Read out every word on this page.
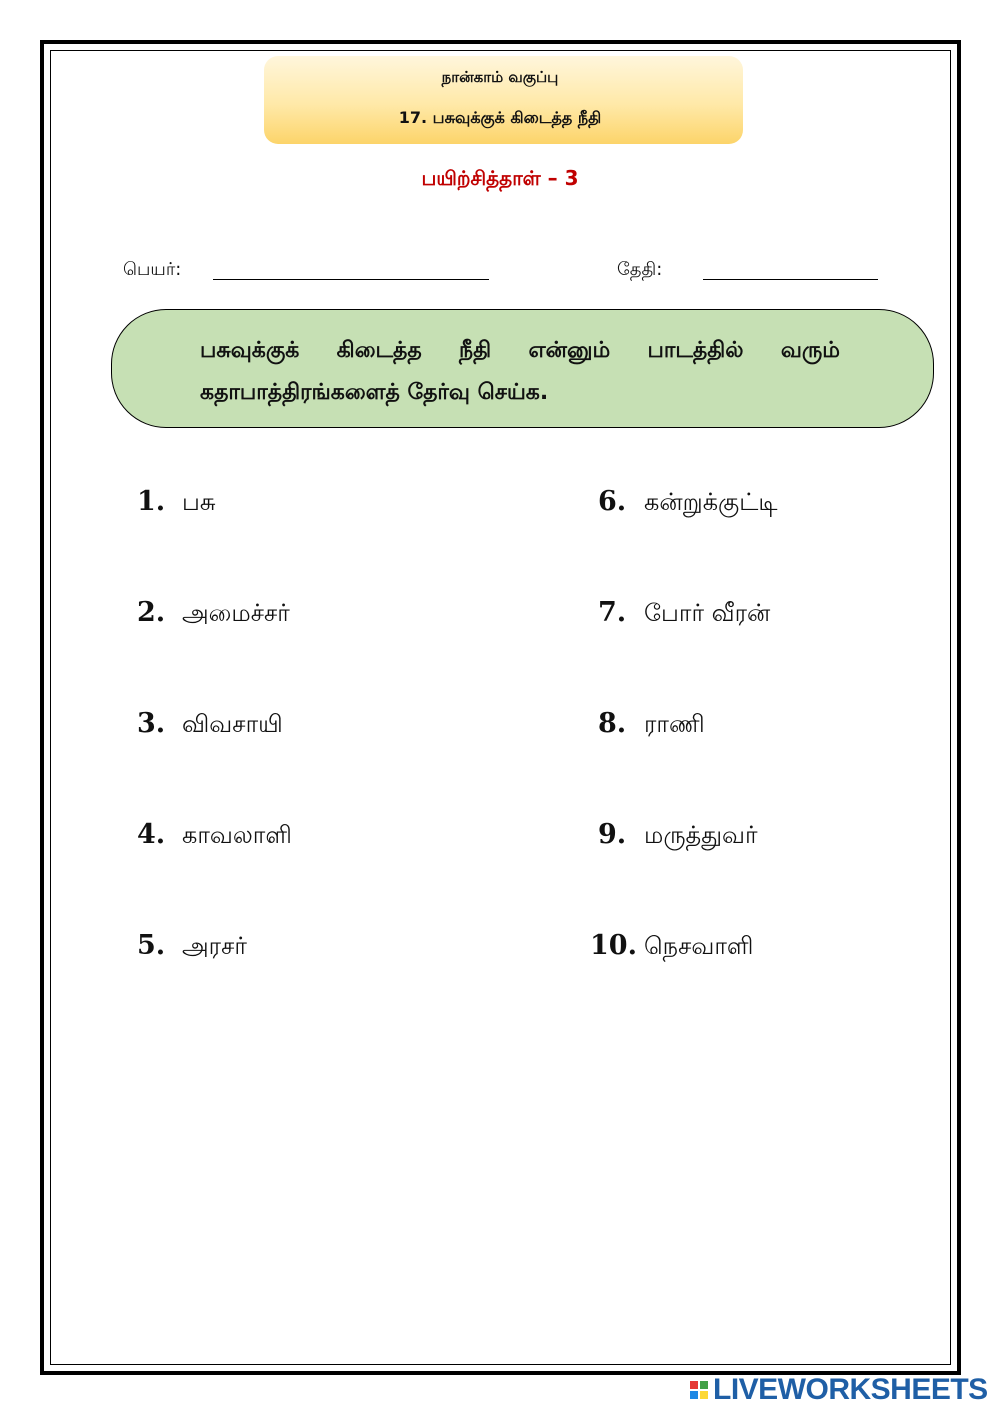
நான்காம் வகுப்பு
17. பசுவுக்குக் கிடைத்த நீதி
பயிற்சித்தாள் – 3
பெயர்:	தேதி:
பசுவுக்குக் கிடைத்த நீதி என்னும் பாடத்தில் வரும் கதாபாத்திரங்களைத் தேர்வு செய்க.
1. பசு
2. அமைச்சர்
3. விவசாயி
4. காவலாளி
5. அரசர்
6. கன்றுக்குட்டி
7. போர் வீரன்
8. ராணி
9. மருத்துவர்
10. நெசவாளி
LIVEWORKSHEETS
